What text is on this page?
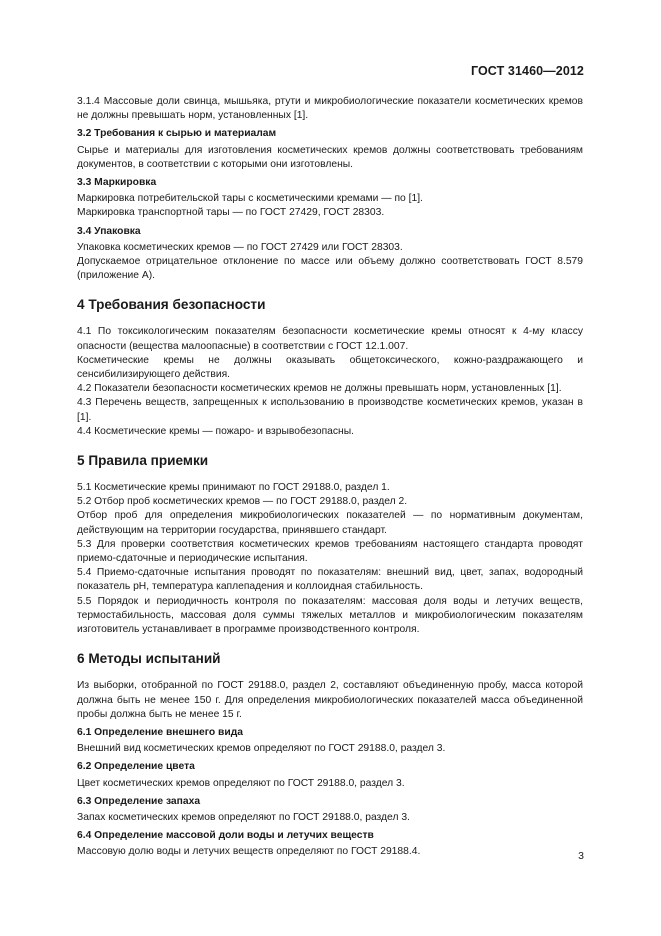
ГОСТ 31460—2012

3.1.4 Массовые доли свинца, мышьяка, ртути и микробиологические показатели косметических кремов не должны превышать норм, установленных [1].

3.2 Требования к сырью и материалам

Сырье и материалы для изготовления косметических кремов должны соответствовать требованиям документов, в соответствии с которыми они изготовлены.

3.3 Маркировка

Маркировка потребительской тары с косметическими кремами — по [1].

Маркировка транспортной тары — по ГОСТ 27429, ГОСТ 28303.

3.4 Упаковка

Упаковка косметических кремов — по ГОСТ 27429 или ГОСТ 28303.

Допускаемое отрицательное отклонение по массе или объему должно соответствовать ГОСТ 8.579 (приложение А).

4 Требования безопасности

4.1 По токсикологическим показателям безопасности косметические кремы относят к 4-му классу опасности (вещества малоопасные) в соответствии с ГОСТ 12.1.007.

Косметические кремы не должны оказывать общетоксического, кожно-раздражающего и сенсибилизирующего действия.

4.2 Показатели безопасности косметических кремов не должны превышать норм, установленных [1].

4.3 Перечень веществ, запрещенных к использованию в производстве косметических кремов, указан в [1].

4.4 Косметические кремы — пожаро- и взрывобезопасны.

5 Правила приемки

5.1 Косметические кремы принимают по ГОСТ 29188.0, раздел 1.

5.2 Отбор проб косметических кремов — по ГОСТ 29188.0, раздел 2.

Отбор проб для определения микробиологических показателей — по нормативным документам, действующим на территории государства, принявшего стандарт.

5.3 Для проверки соответствия косметических кремов требованиям настоящего стандарта проводят приемо-сдаточные и периодические испытания.

5.4 Приемо-сдаточные испытания проводят по показателям: внешний вид, цвет, запах, водородный показатель рН, температура каплепадения и коллоидная стабильность.

5.5 Порядок и периодичность контроля по показателям: массовая доля воды и летучих веществ, термостабильность, массовая доля суммы тяжелых металлов и микробиологическим показателям изготовитель устанавливает в программе производственного контроля.

6 Методы испытаний

Из выборки, отобранной по ГОСТ 29188.0, раздел 2, составляют объединенную пробу, масса которой должна быть не менее 150 г. Для определения микробиологических показателей масса объединенной пробы должна быть не менее 15 г.

6.1 Определение внешнего вида

Внешний вид косметических кремов определяют по ГОСТ 29188.0, раздел 3.

6.2 Определение цвета

Цвет косметических кремов определяют по ГОСТ 29188.0, раздел 3.

6.3 Определение запаха

Запах косметических кремов определяют по ГОСТ 29188.0, раздел 3.

6.4 Определение массовой доли воды и летучих веществ

Массовую долю воды и летучих веществ определяют по ГОСТ 29188.4.	3
